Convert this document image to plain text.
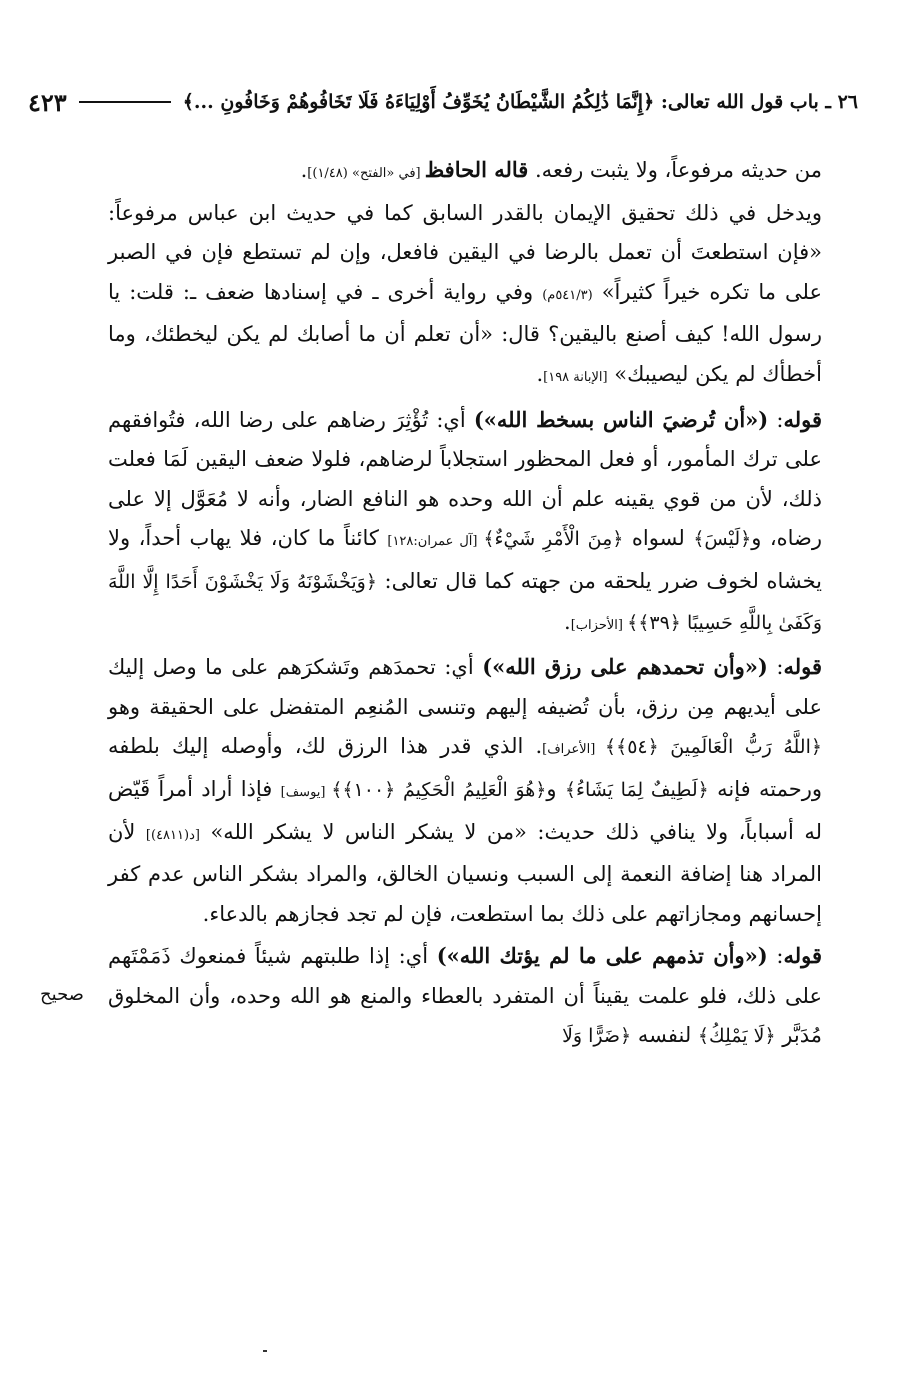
٢٦ ـ باب قول الله تعالى: ﴿إِنَّمَا ذَٰلِكُمُ الشَّيْطَانُ يُخَوِّفُ أَوْلِيَاءَهُ فَلَا تَخَافُوهُمْ وَخَافُونِ ...﴾
٤٢٣
صحيح

من حديثه مرفوعاً، ولا يثبت رفعه. قاله الحافظ [في «الفتح» (١/٤٨)].
ويدخل في ذلك تحقيق الإيمان بالقدر السابق كما في حديث ابن عباس مرفوعاً: «فإن استطعتَ أن تعمل بالرضا في اليقين فافعل، وإن لم تستطع فإن في الصبر على ما تكره خيراً كثيراً» (٥٤١/٣م) وفي رواية أخرى ـ في إسنادها ضعف ـ: قلت: يا رسول الله! كيف أصنع باليقين؟ قال: «أن تعلم أن ما أصابك لم يكن ليخطئك، وما أخطأك لم يكن ليصيبك» [الإبانة ١٩٨].

قوله: («أن تُرضيَ الناس بسخط الله») أي: تُؤْثِرَ رضاهم على رضا الله، فتُوافقهم على ترك المأمور، أو فعل المحظور استجلاباً لرضاهم، فلولا ضعف اليقين لَمَا فعلت ذلك، لأن من قوي يقينه علم أن الله وحده هو النافع الضار، وأنه لا مُعَوَّل إلا على رضاه، و﴿لَيْسَ﴾ لسواه ﴿مِنَ الْأَمْرِ شَيْءٌ﴾ [آل عمران:١٢٨] كائناً ما كان، فلا يهاب أحداً، ولا يخشاه لخوف ضرر يلحقه من جهته كما قال تعالى: ﴿وَيَخْشَوْنَهُ وَلَا يَخْشَوْنَ أَحَدًا إِلَّا اللَّهَ وَكَفَىٰ بِاللَّهِ حَسِيبًا ﴿٣٩﴾﴾ [الأحزاب].

قوله: («وأن تحمدهم على رزق الله») أي: تحمدَهم وتَشكرَهم على ما وصل إليك على أيديهم مِن رزق، بأن تُضيفه إليهم وتنسى المُنعِم المتفضل على الحقيقة وهو ﴿اللَّهُ رَبُّ الْعَالَمِينَ ﴿٥٤﴾﴾ [الأعراف]. الذي قدر هذا الرزق لك، وأوصله إليك بلطفه ورحمته فإنه ﴿لَطِيفٌ لِمَا يَشَاءُ﴾ و﴿هُوَ الْعَلِيمُ الْحَكِيمُ ﴿١٠٠﴾﴾ [يوسف] فإذا أراد أمراً قَيّض له أسباباً، ولا ينافي ذلك حديث: «من لا يشكر الناس لا يشكر الله» [د(٤٨١١)] لأن المراد هنا إضافة النعمة إلى السبب ونسيان الخالق، والمراد بشكر الناس عدم كفر إحسانهم ومجازاتهم على ذلك بما استطعت، فإن لم تجد فجازهم بالدعاء.

قوله: («وأن تذمهم على ما لم يؤتك الله») أي: إذا طلبتهم شيئاً فمنعوك ذَمَمْتَهم على ذلك، فلو علمت يقيناً أن المتفرد بالعطاء والمنع هو الله وحده، وأن المخلوق مُدَبَّر ﴿لَا يَمْلِكُ﴾ لنفسه ﴿ضَرًّا وَلَا
